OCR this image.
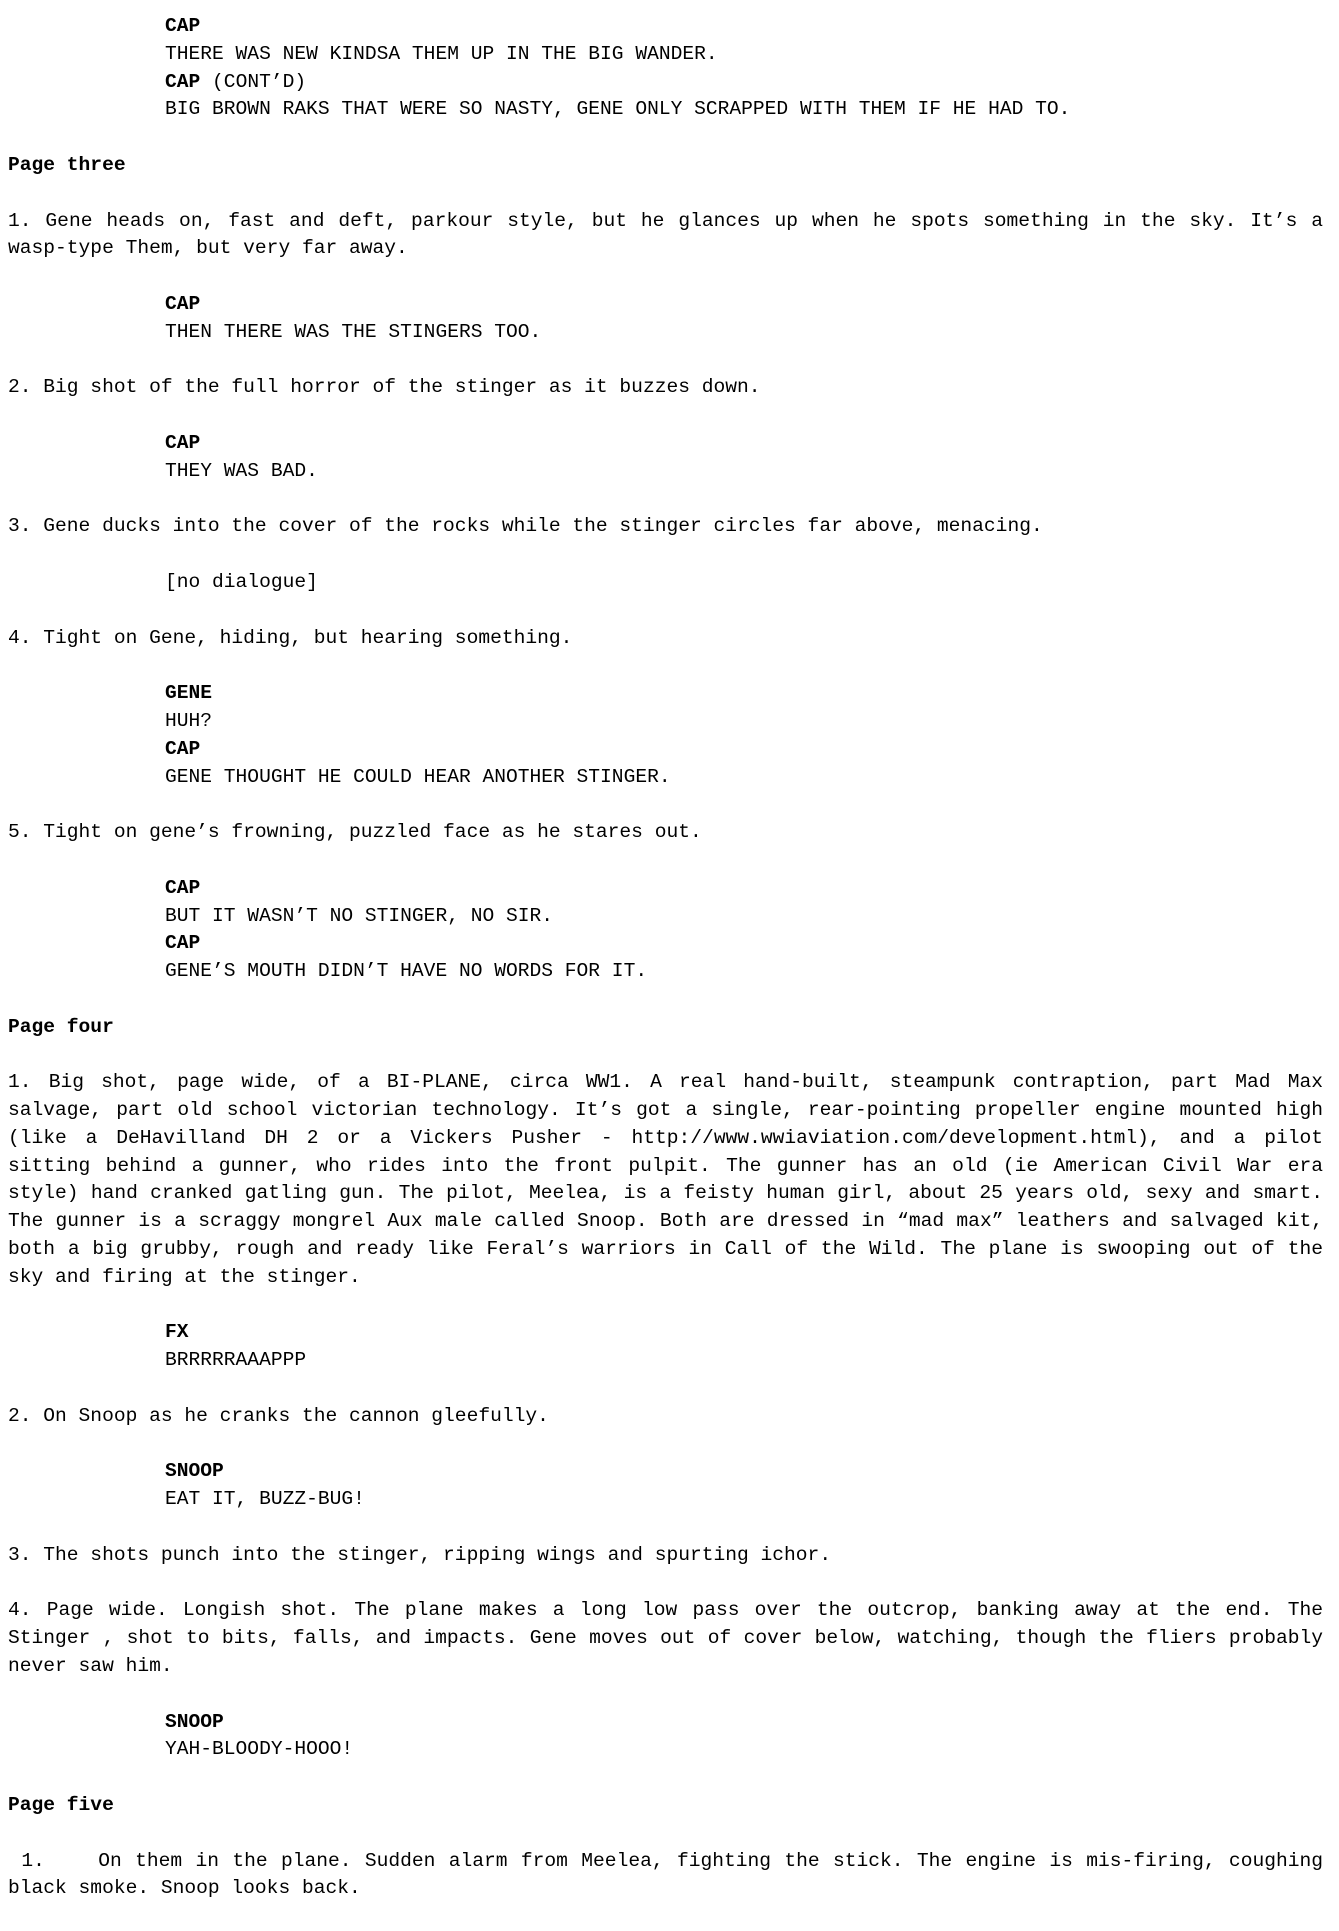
CAP
THERE WAS NEW KINDSA THEM UP IN THE BIG WANDER.
CAP (CONT’D)
BIG BROWN RAKS THAT WERE SO NASTY, GENE ONLY SCRAPPED WITH THEM IF HE HAD TO.
Page three

1. Gene heads on, fast and deft, parkour style, but he glances up when he spots something in the sky. It’s a wasp-type Them, but very far away.

CAP
THEN THERE WAS THE STINGERS TOO.

2. Big shot of the full horror of the stinger as it buzzes down.

CAP
THEY WAS BAD.

3. Gene ducks into the cover of the rocks while the stinger circles far above, menacing.

[no dialogue]

4. Tight on Gene, hiding, but hearing something.

GENE
HUH?
CAP
GENE THOUGHT HE COULD HEAR ANOTHER STINGER.

5. Tight on gene’s frowning, puzzled face as he stares out.

CAP
BUT IT WASN’T NO STINGER, NO SIR.
CAP
GENE’S MOUTH DIDN’T HAVE NO WORDS FOR IT.
Page four

1. Big shot, page wide, of a BI-PLANE, circa WW1. A real hand-built, steampunk contraption, part Mad Max salvage, part old school victorian technology. It’s got a single, rear-pointing propeller engine mounted high (like a DeHavilland DH 2 or a Vickers Pusher - http://www.wwiaviation.com/development.html), and a pilot sitting behind a gunner, who rides into the front pulpit. The gunner has an old (ie American Civil War era style) hand cranked gatling gun. The pilot, Meelea, is a feisty human girl, about 25 years old, sexy and smart. The gunner is a scraggy mongrel Aux male called Snoop. Both are dressed in “mad max” leathers and salvaged kit, both a big grubby, rough and ready like Feral’s warriors in Call of the Wild. The plane is swooping out of the sky and firing at the stinger.

FX
BRRRRRAAAPPP

2. On Snoop as he cranks the cannon gleefully.

SNOOP
EAT IT, BUZZ-BUG!

3. The shots punch into the stinger, ripping wings and spurting ichor.

4. Page wide. Longish shot. The plane makes a long low pass over the outcrop, banking away at the end. The Stinger , shot to bits, falls, and impacts. Gene moves out of cover below, watching, though the fliers probably never saw him.

SNOOP
YAH-BLOODY-HOOO!
Page five

1.    On them in the plane. Sudden alarm from Meelea, fighting the stick. The engine is mis-firing, coughing black smoke. Snoop looks back.
